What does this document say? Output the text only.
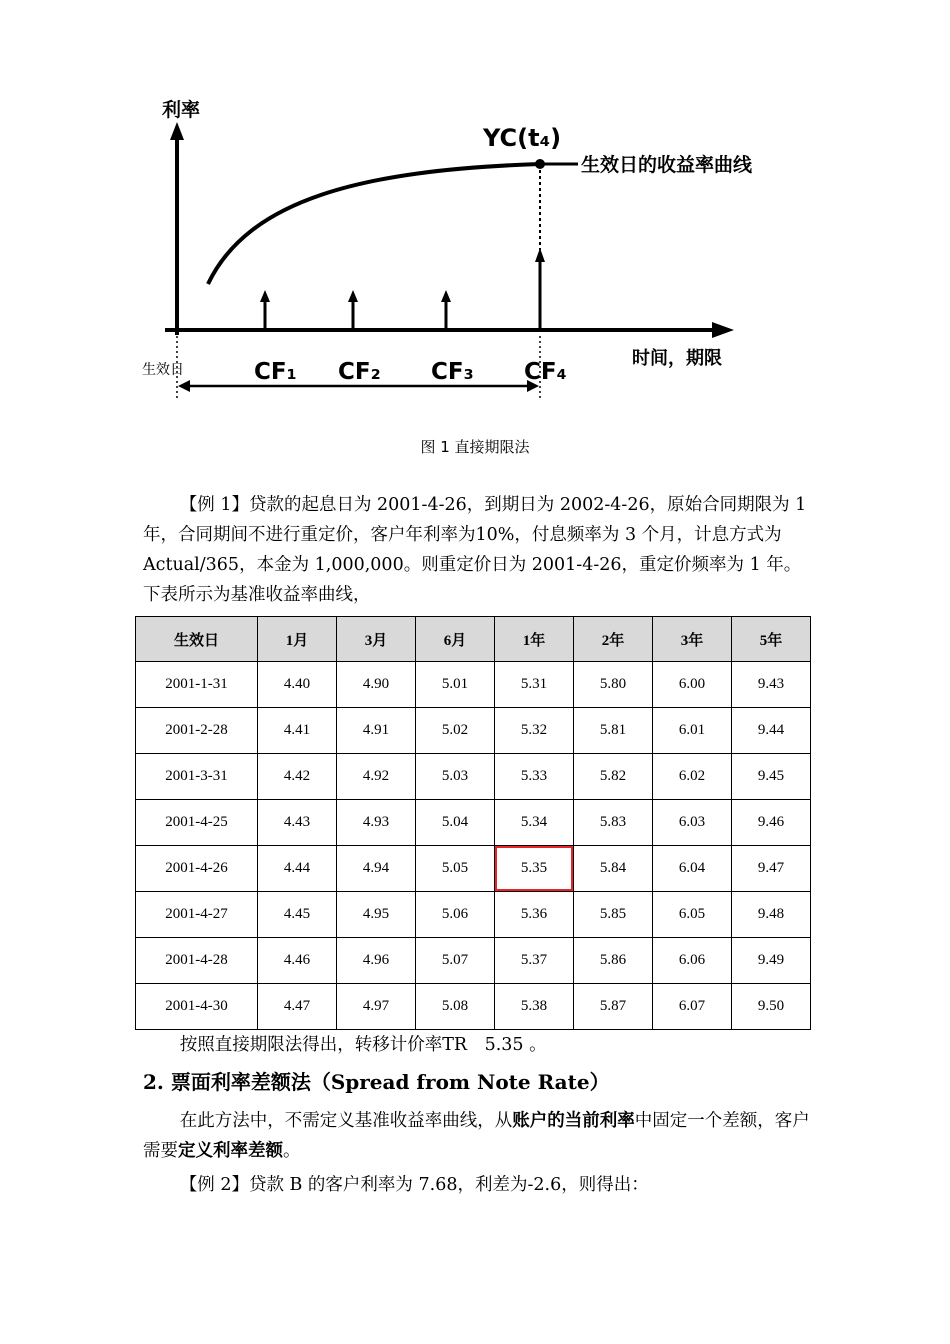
利率
YC(t₄)
生效日的收益率曲线
时间，期限
生效日	CF₁ CF₂ CF₃ CF₄
图 1 直接期限法
【例 1】贷款的起息日为 2001-4-26，到期日为 2002-4-26，原始合同期限为 1 年，合同期间不进行重定价，客户年利率为10%，付息频率为 3 个月，计息方式为 Actual/365，本金为 1,000,000。则重定价日为 2001-4-26，重定价频率为 1 年。下表所示为基准收益率曲线，
生效日	1月	3月	6月	1年	2年	3年	5年
2001-1-31	4.40	4.90	5.01	5.31	5.80	6.00	9.43
2001-2-28	4.41	4.91	5.02	5.32	5.81	6.01	9.44
2001-3-31	4.42	4.92	5.03	5.33	5.82	6.02	9.45
2001-4-25	4.43	4.93	5.04	5.34	5.83	6.03	9.46
2001-4-26	4.44	4.94	5.05	5.35	5.84	6.04	9.47
2001-4-27	4.45	4.95	5.06	5.36	5.85	6.05	9.48
2001-4-28	4.46	4.96	5.07	5.37	5.86	6.06	9.49
2001-4-30	4.47	4.97	5.08	5.38	5.87	6.07	9.50
按照直接期限法得出，转移计价率TR　5.35 。
2. 票面利率差额法（Spread from Note Rate）
在此方法中，不需定义基准收益率曲线，从账户的当前利率中固定一个差额，客户需要定义利率差额。
【例 2】贷款 B 的客户利率为 7.68，利差为-2.6，则得出：
